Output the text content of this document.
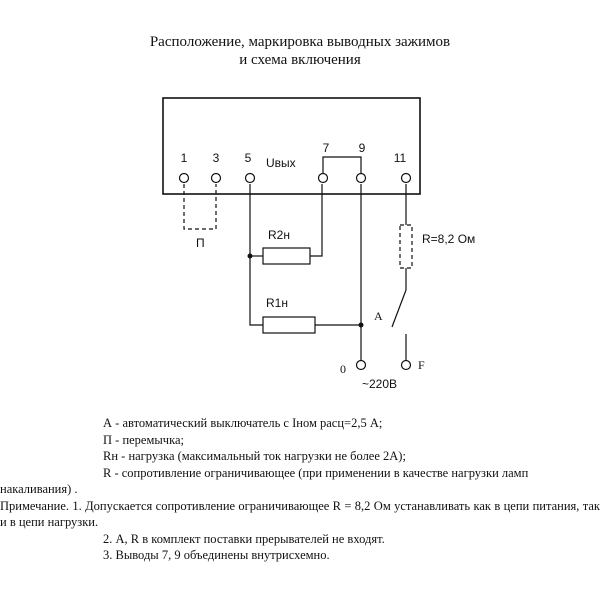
Расположение, маркировка выводных зажимов
и схема включения
1 3 5 Uвых
7 9
11
П
R2н
R1н
R=8,2 Ом
A
0	F
~220В
А - автоматический выключатель с Iном расц=2,5 А;
П - перемычка;
Rн - нагрузка (максимальный ток нагрузки не более 2А);
R - сопротивление ограничивающее (при применении в качестве нагрузки ламп
накаливания) .
Примечание. 1. Допускается сопротивление ограничивающее R = 8,2 Ом устанавливать как в цепи питания, так и в цепи нагрузки.
2. А, R в комплект поставки прерывателей не входят.
3. Выводы 7, 9 объединены внутрисхемно.
